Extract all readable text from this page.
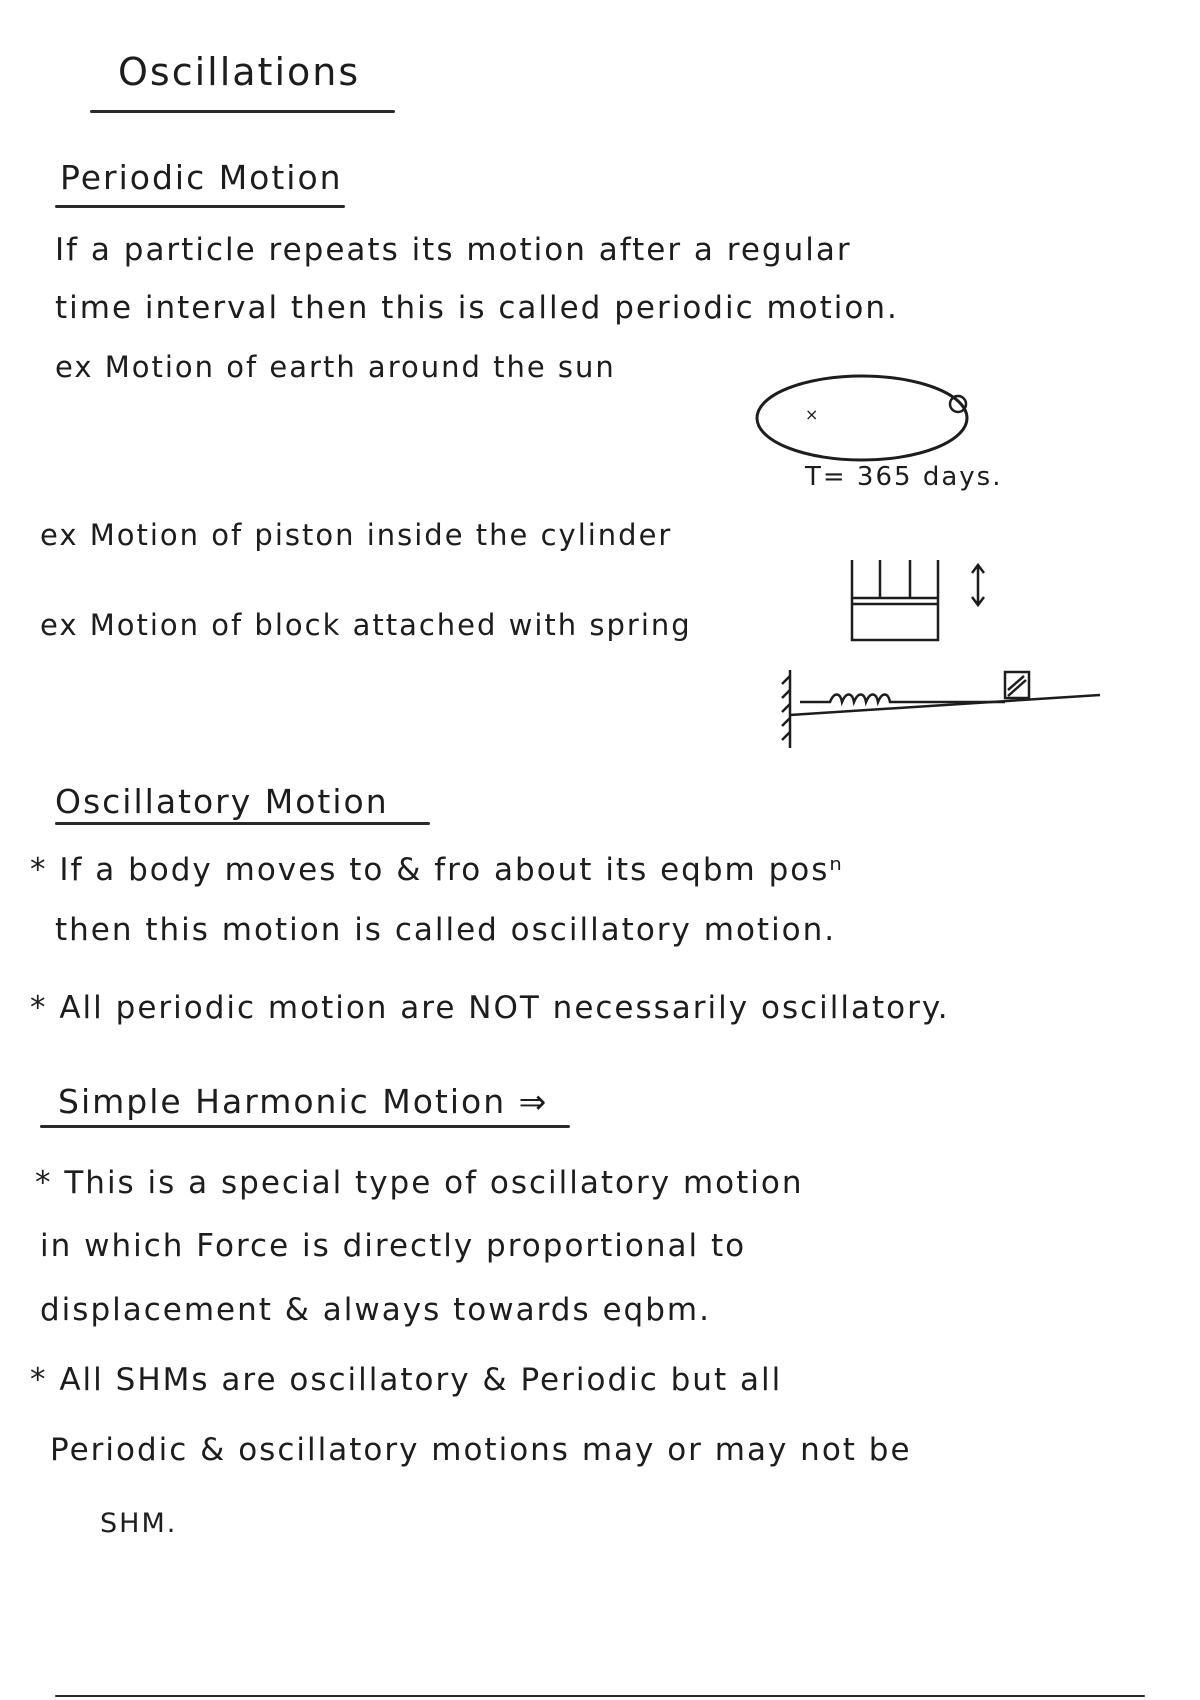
Oscillations
Periodic Motion
If a particle repeats its motion after a regular
time interval then this is called periodic motion.
ex Motion of earth around the sun
T= 365 days.
ex Motion of piston inside the cylinder
ex Motion of block attached with spring
×
Oscillatory Motion
* If a body moves to & fro about its eqbm posⁿ
then this motion is called oscillatory motion.
* All periodic motion are NOT necessarily oscillatory.
Simple Harmonic Motion ⇒
* This is a special type of oscillatory motion
in which Force is directly proportional to
displacement & always towards eqbm.
* All SHMs are oscillatory & Periodic but all
Periodic & oscillatory motions may or may not be
SHM.
